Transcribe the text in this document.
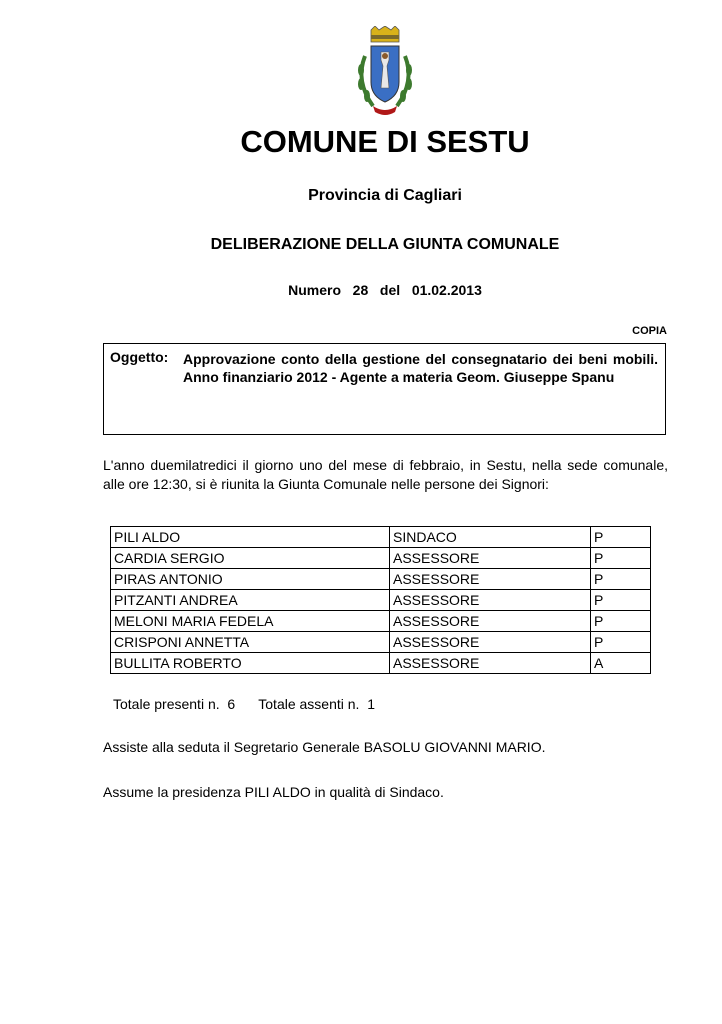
COMUNE DI SESTU
Provincia di Cagliari
DELIBERAZIONE DELLA GIUNTA COMUNALE
Numero   28   del   01.02.2013
COPIA
Oggetto: Approvazione conto della gestione del consegnatario dei beni mobili. Anno finanziario 2012 - Agente a materia Geom. Giuseppe Spanu
L'anno duemilatredici il giorno uno del mese di febbraio, in Sestu, nella sede comunale, alle ore 12:30, si è riunita la Giunta Comunale nelle persone dei Signori:
PILI ALDO	SINDACO	P
CARDIA SERGIO	ASSESSORE	P
PIRAS ANTONIO	ASSESSORE	P
PITZANTI ANDREA	ASSESSORE	P
MELONI MARIA FEDELA	ASSESSORE	P
CRISPONI ANNETTA	ASSESSORE	P
BULLITA ROBERTO	ASSESSORE	A
Totale presenti n.  6      Totale assenti n.  1
Assiste alla seduta il Segretario Generale BASOLU GIOVANNI MARIO.
Assume la presidenza PILI ALDO in qualità di Sindaco.
